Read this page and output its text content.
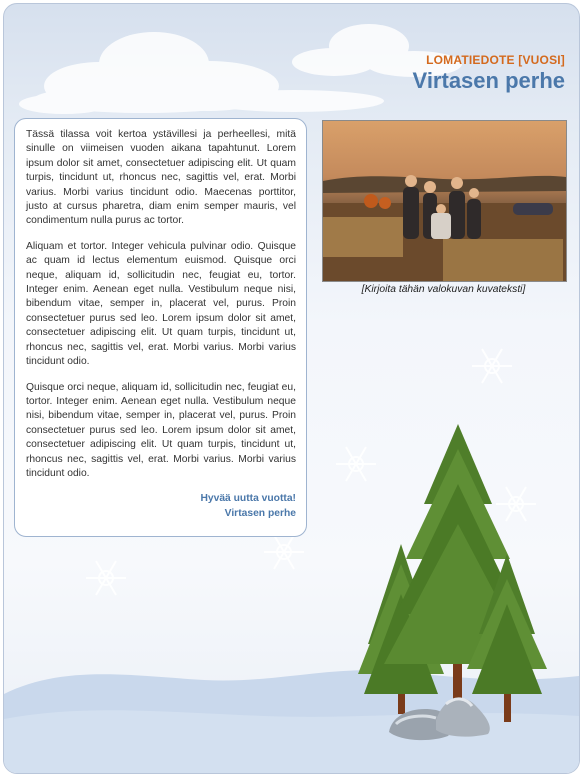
LOMATIEDOTE [VUOSI]
Virtasen perhe

Tässä tilassa voit kertoa ystävillesi ja perheellesi, mitä sinulle on viimeisen vuoden aikana tapahtunut. Lorem ipsum dolor sit amet, consectetuer adipiscing elit. Ut quam turpis, tincidunt ut, rhoncus nec, sagittis vel, erat. Morbi varius. Morbi varius tincidunt odio. Maecenas porttitor, justo at cursus pharetra, diam enim semper mauris, vel condimentum nulla purus ac tortor.

Aliquam et tortor. Integer vehicula pulvinar odio. Quisque ac quam id lectus elementum euismod. Quisque orci neque, aliquam id, sollicitudin nec, feugiat eu, tortor. Integer enim. Aenean eget nulla. Vestibulum neque nisi, bibendum vitae, semper in, placerat vel, purus. Proin consectetuer purus sed leo. Lorem ipsum dolor sit amet, consectetuer adipiscing elit. Ut quam turpis, tincidunt ut, rhoncus nec, sagittis vel, erat. Morbi varius. Morbi varius tincidunt odio.

Quisque orci neque, aliquam id, sollicitudin nec, feugiat eu, tortor. Integer enim. Aenean eget nulla. Vestibulum neque nisi, bibendum vitae, semper in, placerat vel, purus. Proin consectetuer purus sed leo. Lorem ipsum dolor sit amet, consectetuer adipiscing elit. Ut quam turpis, tincidunt ut, rhoncus nec, sagittis vel, erat. Morbi varius. Morbi varius tincidunt odio.

Hyvää uutta vuotta!
Virtasen perhe
[Kirjoita tähän valokuvan kuvateksti]
